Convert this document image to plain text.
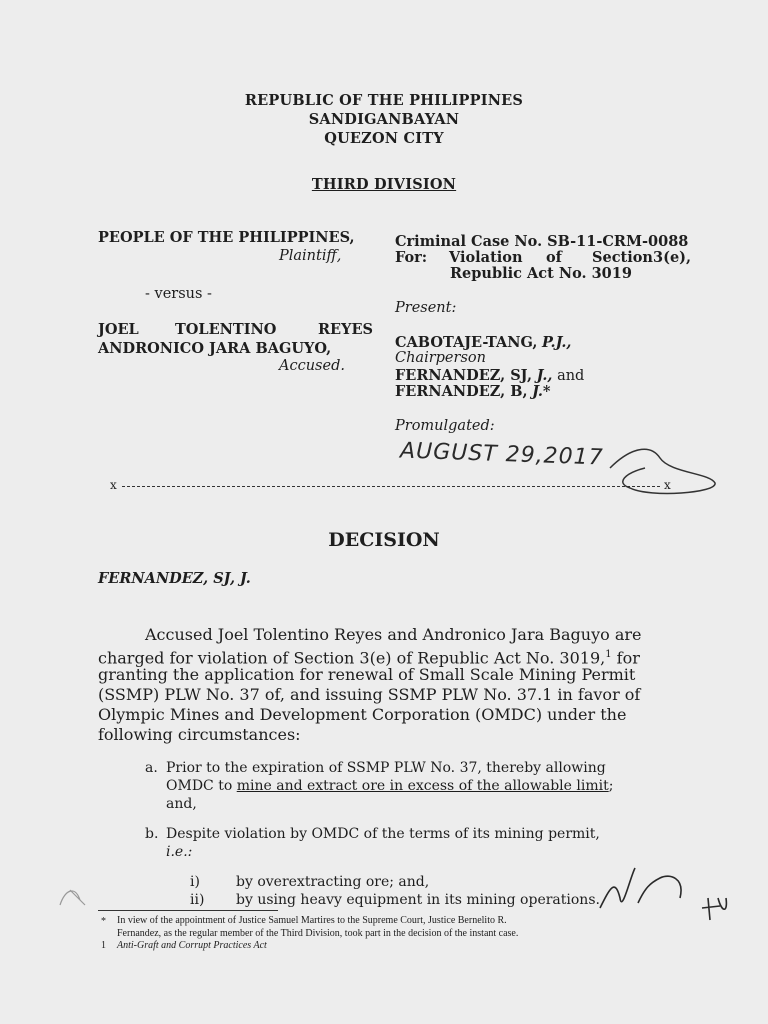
REPUBLIC OF THE PHILIPPINES
SANDIGANBAYAN
QUEZON CITY
THIRD DIVISION
PEOPLE OF THE PHILIPPINES,
Plaintiff,
- versus -
JOEL	TOLENTINO	REYES
ANDRONICO JARA BAGUYO,
Accused.
Criminal Case No. SB-11-CRM-0088
For: Violation of Section 3(e),
Republic Act No. 3019
Present:
CABOTAJE-TANG, P.J.,
Chairperson
FERNANDEZ, SJ, J., and
FERNANDEZ, B, J.*
Promulgated:
AUGUST 29,2017
x	x
DECISION
FERNANDEZ, SJ, J.
Accused Joel Tolentino Reyes and Andronico Jara Baguyo are
charged for violation of Section 3(e) of Republic Act No. 3019,$^1$ for
granting the application for renewal of Small Scale Mining Permit
(SSMP) PLW No. 37 of, and issuing SSMP PLW No. 37.1 in favor of
Olympic Mines and Development Corporation (OMDC) under the
following circumstances:
a. Prior to the expiration of SSMP PLW No. 37, thereby allowing
OMDC to mine and extract ore in excess of the allowable limit;
and,
b. Despite violation by OMDC of the terms of its mining permit,
i.e.:
i)	by overextracting ore; and,
ii) by using heavy equipment in its mining operations.
* In view of the appointment of Justice Samuel Martires to the Supreme Court, Justice Bernelito R.
Fernandez, as the regular member of the Third Division, took part in the decision of the instant case.
1 Anti-Graft and Corrupt Practices Act
